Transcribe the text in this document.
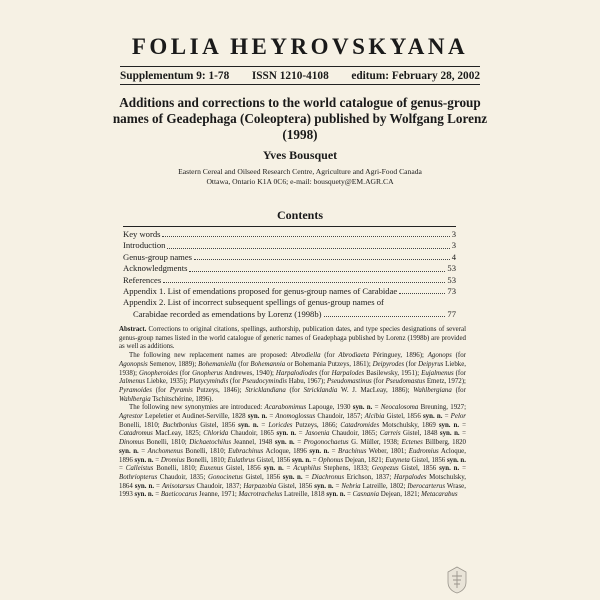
FOLIA HEYROVSKYANA
Supplementum 9: 1-78 ISSN 1210-4108 editum: February 28, 2002
Additions and corrections to the world catalogue of genus-group names of Geadephaga (Coleoptera) published by Wolfgang Lorenz (1998)
Yves Bousquet
Eastern Cereal and Oilseed Research Centre, Agriculture and Agri-Food Canada
Ottawa, Ontario K1A 0C6; e-mail: bousquety@EM.AGR.CA
Contents
Key words	3
Introduction	3
Genus-group names	4
Acknowledgments	53
References	53
Appendix 1. List of emendations proposed for genus-group names of Carabidae	73
Appendix 2. List of incorrect subsequent spellings of genus-group names of
Carabidae recorded as emendations by Lorenz (1998b)	77

Abstract. Corrections to original citations, spellings, authorship, publication dates, and type species designations of several genus-group names listed in the world catalogue of generic names of Geadephaga published by Lorenz (1998b) are provided as well as additions.

The following new replacement names are proposed: Abrodiella (for Abrodiaeta Péringuey, 1896); Agonops (for Agonopsis Semenov, 1889); Bohemaniella (for Bohemannia or Bohemania Putzeys, 1861); Deipyrodes (for Deipyrus Liebke, 1938); Gnopheroides (for Gnopherus Andrewes, 1940); Harpalodiodes (for Harpalodes Basilewsky, 1951); Eujalmenus (for Jalmenus Liebke, 1935); Platycymindis (for Pseudocymindis Habu, 1967); Pseudomastinus (for Pseudomastus Emetz, 1972); Pyramoides (for Pyramis Putzeys, 1846); Stricklandiana (for Stricklandia W. J. MacLeay, 1886); Wahlbergiana (for Wahlbergia Tschitschérine, 1896).

The following new synonymies are introduced: Acarabomimus Lapouge, 1930 syn. n. = Neocalosoma Breuning, 1927; Agrestor Lepeletier et Audinet-Serville, 1828 syn. n. = Anomoglossus Chaudoir, 1857; Alcibia Gistel, 1856 syn. n. = Pelor Bonelli, 1810; Buchtbonius Gistel, 1856 syn. n. = Loricdes Putzeys, 1866; Catadromides Motschulsky, 1869 syn. n. = Catadromus MacLeay, 1825; Chlorida Chaudoir, 1865 syn. n. = Jasoenia Chaudoir, 1865; Carreis Gistel, 1848 syn. n. = Dinomus Bonelli, 1810; Dichaetochilus Jeannel, 1948 syn. n. = Progonochaetus G. Müller, 1938; Ectenes Billberg, 1820 syn. n. = Anchomenus Bonelli, 1810; Eubrachinus Acloque, 1896 syn. n. = Brachinus Weber, 1801; Eudromius Acloque, 1896 syn. n. = Dromius Bonelli, 1810; Eulathrus Gistel, 1856 syn. n. = Ophonus Dejean, 1821; Eutyneta Gistel, 1856 syn. n. = Calleistus Bonelli, 1810; Euxenus Gistel, 1856 syn. n. = Acuphilus Stephens, 1833; Geopezus Gistel, 1856 syn. n. = Bothriopterus Chaudoir, 1835; Gonocinetus Gistel, 1856 syn. n. = Diachronus Erichson, 1837; Harpalodes Motschulsky, 1864 syn. n. = Anisotarsus Chaudoir, 1837; Harpazobia Gistel, 1856 syn. n. = Nebria Latreille, 1802; Iberocarterus Wrase, 1993 syn. n. = Baeticocarus Jeanne, 1971; Macrotrachelus Latreille, 1818 syn. n. = Casnania Dejean, 1821; Metacarabus
